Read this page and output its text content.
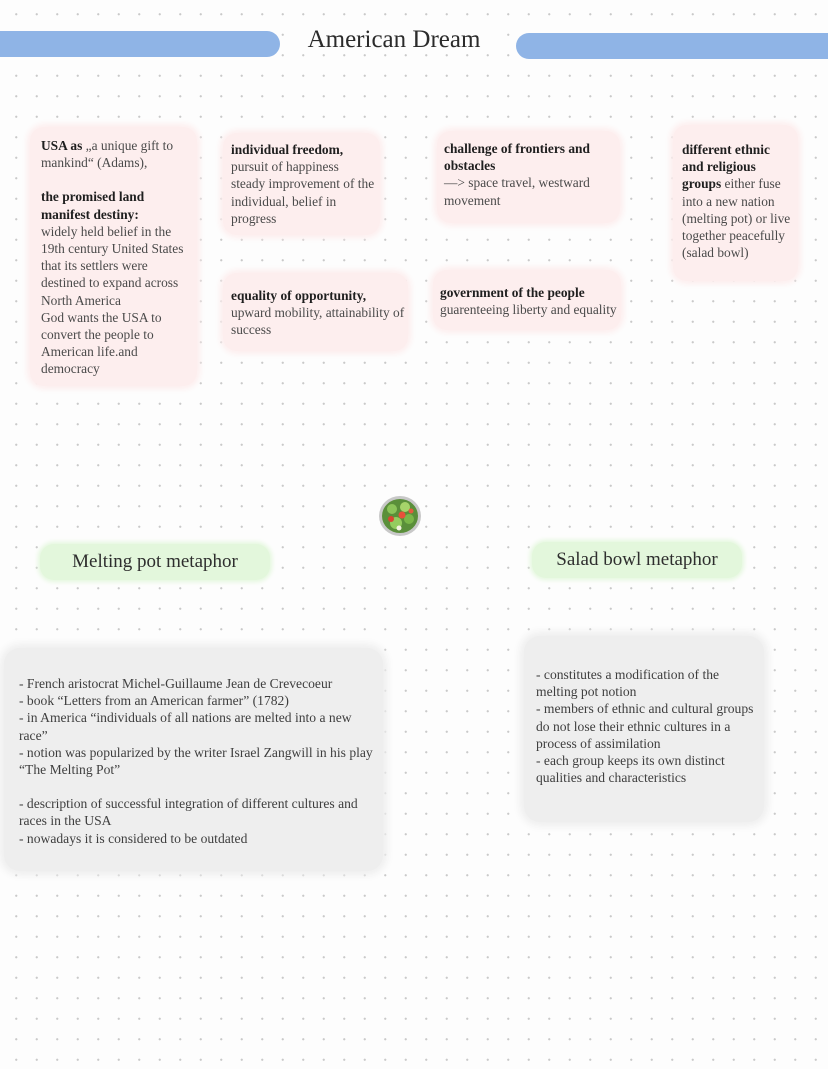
American Dream

USA as „a unique gift to mankind“ (Adams),

the promised land manifest destiny:

widely held belief in the 19th century United States that its settlers were destined to expand across North America

God wants the USA to convert the people to American life.and democracy

individual freedom,

pursuit of happiness steady improvement of the individual, belief in progress

challenge of frontiers and obstacles

—> space travel, westward movement

different ethnic and religious groups either fuse into a new nation (melting pot) or live together peacefully (salad bowl)

equality of opportunity,

upward mobility, attainability of success

government of the people guarenteeing liberty and equality

Melting pot metaphor	Salad bowl metaphor

- French aristocrat Michel-Guillaume Jean de Crevecoeur

- book “Letters from an American farmer” (1782)

- in America “individuals of all nations are melted into a new race”

- notion was popularized by the writer Israel Zangwill in his play “The Melting Pot”

- description of successful integration of different cultures and races in the USA

- nowadays it is considered to be outdated

- constitutes a modification of the melting pot notion

- members of ethnic and cultural groups do not lose their ethnic cultures in a process of assimilation

- each group keeps its own distinct qualities and characteristics
